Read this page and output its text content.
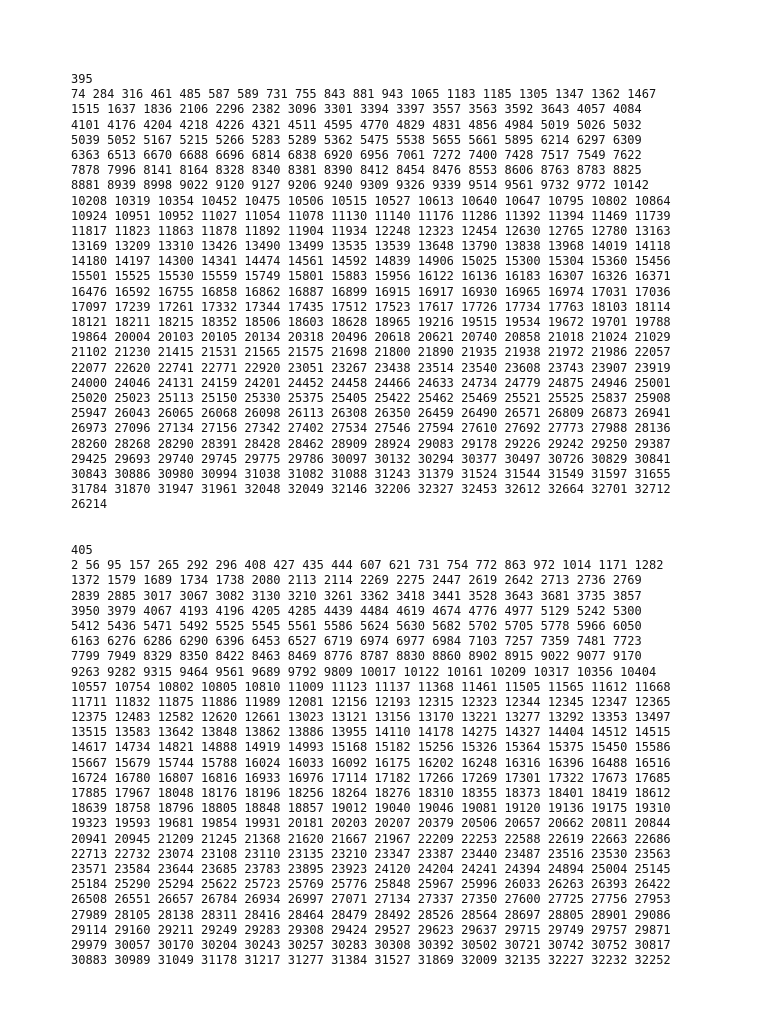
395
74 284 316 461 485 587 589 731 755 843 881 943 1065 1183 1185 1305 1347 1362 1467
1515 1637 1836 2106 2296 2382 3096 3301 3394 3397 3557 3563 3592 3643 4057 4084
4101 4176 4204 4218 4226 4321 4511 4595 4770 4829 4831 4856 4984 5019 5026 5032
5039 5052 5167 5215 5266 5283 5289 5362 5475 5538 5655 5661 5895 6214 6297 6309
6363 6513 6670 6688 6696 6814 6838 6920 6956 7061 7272 7400 7428 7517 7549 7622
7878 7996 8141 8164 8328 8340 8381 8390 8412 8454 8476 8553 8606 8763 8783 8825
8881 8939 8998 9022 9120 9127 9206 9240 9309 9326 9339 9514 9561 9732 9772 10142
10208 10319 10354 10452 10475 10506 10515 10527 10613 10640 10647 10795 10802 10864
10924 10951 10952 11027 11054 11078 11130 11140 11176 11286 11392 11394 11469 11739
11817 11823 11863 11878 11892 11904 11934 12248 12323 12454 12630 12765 12780 13163
13169 13209 13310 13426 13490 13499 13535 13539 13648 13790 13838 13968 14019 14118
14180 14197 14300 14341 14474 14561 14592 14839 14906 15025 15300 15304 15360 15456
15501 15525 15530 15559 15749 15801 15883 15956 16122 16136 16183 16307 16326 16371
16476 16592 16755 16858 16862 16887 16899 16915 16917 16930 16965 16974 17031 17036
17097 17239 17261 17332 17344 17435 17512 17523 17617 17726 17734 17763 18103 18114
18121 18211 18215 18352 18506 18603 18628 18965 19216 19515 19534 19672 19701 19788
19864 20004 20103 20105 20134 20318 20496 20618 20621 20740 20858 21018 21024 21029
21102 21230 21415 21531 21565 21575 21698 21800 21890 21935 21938 21972 21986 22057
22077 22620 22741 22771 22920 23051 23267 23438 23514 23540 23608 23743 23907 23919
24000 24046 24131 24159 24201 24452 24458 24466 24633 24734 24779 24875 24946 25001
25020 25023 25113 25150 25330 25375 25405 25422 25462 25469 25521 25525 25837 25908
25947 26043 26065 26068 26098 26113 26308 26350 26459 26490 26571 26809 26873 26941
26973 27096 27134 27156 27342 27402 27534 27546 27594 27610 27692 27773 27988 28136
28260 28268 28290 28391 28428 28462 28909 28924 29083 29178 29226 29242 29250 29387
29425 29693 29740 29745 29775 29786 30097 30132 30294 30377 30497 30726 30829 30841
30843 30886 30980 30994 31038 31082 31088 31243 31379 31524 31544 31549 31597 31655
31784 31870 31947 31961 32048 32049 32146 32206 32327 32453 32612 32664 32701 32712
26214
405
2 56 95 157 265 292 296 408 427 435 444 607 621 731 754 772 863 972 1014 1171 1282
1372 1579 1689 1734 1738 2080 2113 2114 2269 2275 2447 2619 2642 2713 2736 2769
2839 2885 3017 3067 3082 3130 3210 3261 3362 3418 3441 3528 3643 3681 3735 3857
3950 3979 4067 4193 4196 4205 4285 4439 4484 4619 4674 4776 4977 5129 5242 5300
5412 5436 5471 5492 5525 5545 5561 5586 5624 5630 5682 5702 5705 5778 5966 6050
6163 6276 6286 6290 6396 6453 6527 6719 6974 6977 6984 7103 7257 7359 7481 7723
7799 7949 8329 8350 8422 8463 8469 8776 8787 8830 8860 8902 8915 9022 9077 9170
9263 9282 9315 9464 9561 9689 9792 9809 10017 10122 10161 10209 10317 10356 10404
10557 10754 10802 10805 10810 11009 11123 11137 11368 11461 11505 11565 11612 11668
11711 11832 11875 11886 11989 12081 12156 12193 12315 12323 12344 12345 12347 12365
12375 12483 12582 12620 12661 13023 13121 13156 13170 13221 13277 13292 13353 13497
13515 13583 13642 13848 13862 13886 13955 14110 14178 14275 14327 14404 14512 14515
14617 14734 14821 14888 14919 14993 15168 15182 15256 15326 15364 15375 15450 15586
15667 15679 15744 15788 16024 16033 16092 16175 16202 16248 16316 16396 16488 16516
16724 16780 16807 16816 16933 16976 17114 17182 17266 17269 17301 17322 17673 17685
17885 17967 18048 18176 18196 18256 18264 18276 18310 18355 18373 18401 18419 18612
18639 18758 18796 18805 18848 18857 19012 19040 19046 19081 19120 19136 19175 19310
19323 19593 19681 19854 19931 20181 20203 20207 20379 20506 20657 20662 20811 20844
20941 20945 21209 21245 21368 21620 21667 21967 22209 22253 22588 22619 22663 22686
22713 22732 23074 23108 23110 23135 23210 23347 23387 23440 23487 23516 23530 23563
23571 23584 23644 23685 23783 23895 23923 24120 24204 24241 24394 24894 25004 25145
25184 25290 25294 25622 25723 25769 25776 25848 25967 25996 26033 26263 26393 26422
26508 26551 26657 26784 26934 26997 27071 27134 27337 27350 27600 27725 27756 27953
27989 28105 28138 28311 28416 28464 28479 28492 28526 28564 28697 28805 28901 29086
29114 29160 29211 29249 29283 29308 29424 29527 29623 29637 29715 29749 29757 29871
29979 30057 30170 30204 30243 30257 30283 30308 30392 30502 30721 30742 30752 30817
30883 30989 31049 31178 31217 31277 31384 31527 31869 32009 32135 32227 32232 32252
